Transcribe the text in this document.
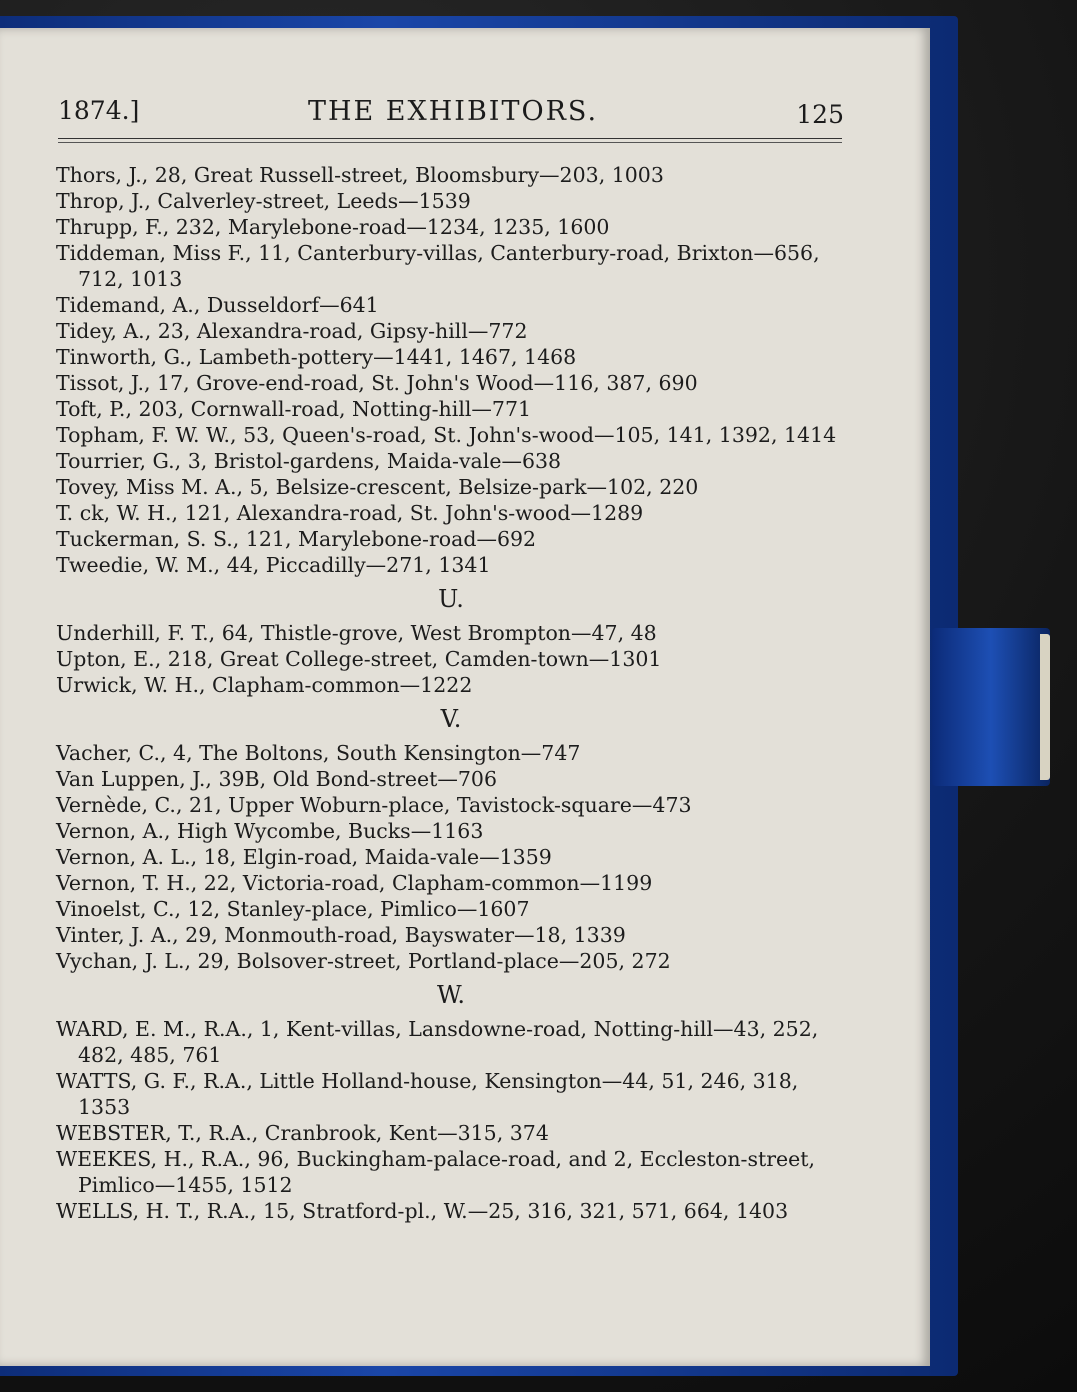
1874.]	THE EXHIBITORS.	125
Thors, J., 28, Great Russell-street, Bloomsbury—203, 1003
Throp, J., Calverley-street, Leeds—1539
Thrupp, F., 232, Marylebone-road—1234, 1235, 1600
Tiddeman, Miss F., 11, Canterbury-villas, Canterbury-road, Brixton—656, 712, 1013
Tidemand, A., Dusseldorf—641
Tidey, A., 23, Alexandra-road, Gipsy-hill—772
Tinworth, G., Lambeth-pottery—1441, 1467, 1468
Tissot, J., 17, Grove-end-road, St. John's Wood—116, 387, 690
Toft, P., 203, Cornwall-road, Notting-hill—771
Topham, F. W. W., 53, Queen's-road, St. John's-wood—105, 141, 1392, 1414
Tourrier, G., 3, Bristol-gardens, Maida-vale—638
Tovey, Miss M. A., 5, Belsize-crescent, Belsize-park—102, 220
T. ck, W. H., 121, Alexandra-road, St. John's-wood—1289
Tuckerman, S. S., 121, Marylebone-road—692
Tweedie, W. M., 44, Piccadilly—271, 1341
U.
Underhill, F. T., 64, Thistle-grove, West Brompton—47, 48
Upton, E., 218, Great College-street, Camden-town—1301
Urwick, W. H., Clapham-common—1222
V.
Vacher, C., 4, The Boltons, South Kensington—747
Van Luppen, J., 39B, Old Bond-street—706
Vernède, C., 21, Upper Woburn-place, Tavistock-square—473
Vernon, A., High Wycombe, Bucks—1163
Vernon, A. L., 18, Elgin-road, Maida-vale—1359
Vernon, T. H., 22, Victoria-road, Clapham-common—1199
Vinoelst, C., 12, Stanley-place, Pimlico—1607
Vinter, J. A., 29, Monmouth-road, Bayswater—18, 1339
Vychan, J. L., 29, Bolsover-street, Portland-place—205, 272
W.
WARD, E. M., R.A., 1, Kent-villas, Lansdowne-road, Notting-hill—43, 252, 482, 485, 761
WATTS, G. F., R.A., Little Holland-house, Kensington—44, 51, 246, 318, 1353
WEBSTER, T., R.A., Cranbrook, Kent—315, 374
WEEKES, H., R.A., 96, Buckingham-palace-road, and 2, Eccleston-street, Pimlico—1455, 1512
WELLS, H. T., R.A., 15, Stratford-pl., W.—25, 316, 321, 571, 664, 1403
